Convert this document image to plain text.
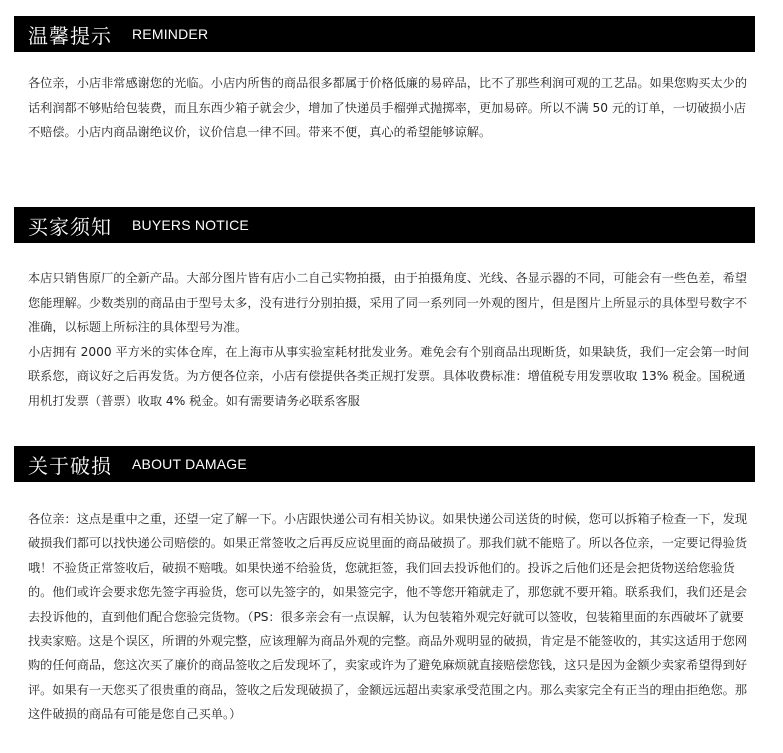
温馨提示 REMINDER

各位亲，小店非常感谢您的光临。小店内所售的商品很多都属于价格低廉的易碎品，比不了那些利润可观的工艺品。如果您购买太少的话利润都不够贴给包装费，而且东西少箱子就会少，增加了快递员手榴弹式抛掷率，更加易碎。所以不满 50 元的订单，一切破损小店不赔偿。小店内商品谢绝议价，议价信息一律不回。带来不便，真心的希望能够谅解。

买家须知 BUYERS NOTICE

本店只销售原厂的全新产品。大部分图片皆有店小二自己实物拍摄，由于拍摄角度、光线、各显示器的不同，可能会有一些色差，希望您能理解。少数类别的商品由于型号太多，没有进行分别拍摄，采用了同一系列同一外观的图片，但是图片上所显示的具体型号数字不准确，以标题上所标注的具体型号为准。

小店拥有 2000 平方米的实体仓库，在上海市从事实验室耗材批发业务。难免会有个别商品出现断货，如果缺货，我们一定会第一时间联系您，商议好之后再发货。为方便各位亲，小店有偿提供各类正规打发票。具体收费标准：增值税专用发票收取 13% 税金。国税通用机打发票（普票）收取 4% 税金。如有需要请务必联系客服

关于破损 ABOUT DAMAGE

各位亲：这点是重中之重，还望一定了解一下。小店跟快递公司有相关协议。如果快递公司送货的时候，您可以拆箱子检查一下，发现破损我们都可以找快递公司赔偿的。如果正常签收之后再反应说里面的商品破损了。那我们就不能赔了。所以各位亲，一定要记得验货哦！不验货正常签收后，破损不赔哦。如果快递不给验货，您就拒签，我们回去投诉他们的。投诉之后他们还是会把货物送给您验货的。他们或许会要求您先签字再验货，您可以先签字的，如果签完字，他不等您开箱就走了，那您就不要开箱。联系我们，我们还是会去投诉他的，直到他们配合您验完货物。（PS：很多亲会有一点误解，认为包装箱外观完好就可以签收，包装箱里面的东西破坏了就要找卖家赔。这是个误区，所谓的外观完整，应该理解为商品外观的完整。商品外观明显的破损，肯定是不能签收的，其实这适用于您网购的任何商品，您这次买了廉价的商品签收之后发现坏了，卖家或许为了避免麻烦就直接赔偿您钱，这只是因为金额少卖家希望得到好评。如果有一天您买了很贵重的商品，签收之后发现破损了，金额远远超出卖家承受范围之内。那么卖家完全有正当的理由拒绝您。那这件破损的商品有可能是您自己买单。）
